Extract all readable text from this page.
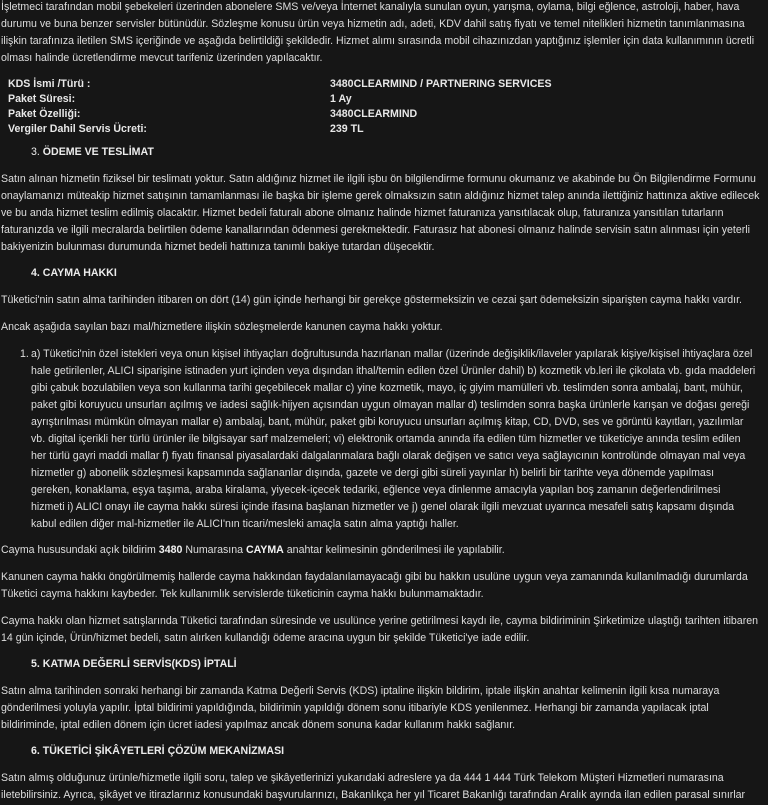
İşletmeci tarafından mobil şebekeleri üzerinden abonelere SMS ve/veya İnternet kanalıyla sunulan oyun, yarışma, oylama, bilgi eğlence, astroloji, haber, hava durumu ve buna benzer servisler bütünüdür. Sözleşme konusu ürün veya hizmetin adı, adeti, KDV dahil satış fiyatı ve temel nitelikleri hizmetin tanımlanmasına ilişkin tarafınıza iletilen SMS içeriğinde ve aşağıda belirtildiği şekildedir. Hizmet alımı sırasında mobil cihazınızdan yaptığınız işlemler için data kullanımının ücretli olması halinde ücretlendirme mevcut tarifeniz üzerinden yapılacaktır.

KDS İsmi /Türü :	3480CLEARMIND / PARTNERING SERVICES
Paket Süresi:	1 Ay
Paket Özelliği:	3480CLEARMIND
Vergiler Dahil Servis Ücreti:	239 TL
3. ÖDEME VE TESLİMAT

Satın alınan hizmetin fiziksel bir teslimatı yoktur. Satın aldığınız hizmet ile ilgili işbu ön bilgilendirme formunu okumanız ve akabinde bu Ön Bilgilendirme Formunu onaylamanızı müteakip hizmet satışının tamamlanması ile başka bir işleme gerek olmaksızın satın aldığınız hizmet talep anında ilettiğiniz hattınıza aktive edilecek ve bu anda hizmet teslim edilmiş olacaktır. Hizmet bedeli faturalı abone olmanız halinde hizmet faturanıza yansıtılacak olup, faturanıza yansıtılan tutarların faturanızda ve ilgili mecralarda belirtilen ödeme kanallarından ödenmesi gerekmektedir. Faturasız hat abonesi olmanız halinde servisin satın alınması için yeterli bakiyenizin bulunması durumunda hizmet bedeli hattınıza tanımlı bakiye tutardan düşecektir.

4. CAYMA HAKKI

Tüketici'nin satın alma tarihinden itibaren on dört (14) gün içinde herhangi bir gerekçe göstermeksizin ve cezai şart ödemeksizin siparişten cayma hakkı vardır.

Ancak aşağıda sayılan bazı mal/hizmetlere ilişkin sözleşmelerde kanunen cayma hakkı yoktur.

1. a) Tüketici'nin özel istekleri veya onun kişisel ihtiyaçları doğrultusunda hazırlanan mallar (üzerinde değişiklik/ilaveler yapılarak kişiye/kişisel ihtiyaçlara özel hale getirilenler, ALICI siparişine istinaden yurt içinden veya dışından ithal/temin edilen özel Ürünler dahil) b) kozmetik vb.leri ile çikolata vb. gıda maddeleri gibi çabuk bozulabilen veya son kullanma tarihi geçebilecek mallar c) yine kozmetik, mayo, iç giyim mamülleri vb. teslimden sonra ambalaj, bant, mühür, paket gibi koruyucu unsurları açılmış ve iadesi sağlık-hijyen açısından uygun olmayan mallar d) teslimden sonra başka ürünlerle karışan ve doğası gereği ayrıştırılması mümkün olmayan mallar e) ambalaj, bant, mühür, paket gibi koruyucu unsurları açılmış kitap, CD, DVD, ses ve görüntü kayıtları, yazılımlar vb. digital içerikli her türlü ürünler ile bilgisayar sarf malzemeleri; vi) elektronik ortamda anında ifa edilen tüm hizmetler ve tüketiciye anında teslim edilen her türlü gayri maddi mallar f) fiyatı finansal piyasalardaki dalgalanmalara bağlı olarak değişen ve satıcı veya sağlayıcının kontrolünde olmayan mal veya hizmetler g) abonelik sözleşmesi kapsamında sağlananlar dışında, gazete ve dergi gibi süreli yayınlar h) belirli bir tarihte veya dönemde yapılması gereken, konaklama, eşya taşıma, araba kiralama, yiyecek-içecek tedariki, eğlence veya dinlenme amacıyla yapılan boş zamanın değerlendirilmesi hizmeti i) ALICI onayı ile cayma hakkı süresi içinde ifasına başlanan hizmetler ve j) genel olarak ilgili mevzuat uyarınca mesafeli satış kapsamı dışında kabul edilen diğer mal-hizmetler ile ALICI'nın ticari/mesleki amaçla satın alma yaptığı haller.

Cayma hususundaki açık bildirim 3480 Numarasına CAYMA anahtar kelimesinin gönderilmesi ile yapılabilir.

Kanunen cayma hakkı öngörülmemiş hallerde cayma hakkından faydalanılamayacağı gibi bu hakkın usulüne uygun veya zamanında kullanılmadığı durumlarda Tüketici cayma hakkını kaybeder. Tek kullanımlık servislerde tüketicinin cayma hakkı bulunmamaktadır.

Cayma hakkı olan hizmet satışlarında Tüketici tarafından süresinde ve usulünce yerine getirilmesi kaydı ile, cayma bildiriminin Şirketimize ulaştığı tarihten itibaren 14 gün içinde, Ürün/hizmet bedeli, satın alırken kullandığı ödeme aracına uygun bir şekilde Tüketici'ye iade edilir.

5. KATMA DEĞERLİ SERVİS(KDS) İPTALİ

Satın alma tarihinden sonraki herhangi bir zamanda Katma Değerli Servis (KDS) iptaline ilişkin bildirim, iptale ilişkin anahtar kelimenin ilgili kısa numaraya gönderilmesi yoluyla yapılır. İptal bildirimi yapıldığında, bildirimin yapıldığı dönem sonu itibariyle KDS yenilenmez. Herhangi bir zamanda yapılacak iptal bildiriminde, iptal edilen dönem için ücret iadesi yapılmaz ancak dönem sonuna kadar kullanım hakkı sağlanır.

6. TÜKETİCİ ŞİKÂYETLERİ ÇÖZÜM MEKANİZMASI

Satın almış olduğunuz ürünle/hizmetle ilgili soru, talep ve şikâyetlerinizi yukarıdaki adreslere ya da 444 1 444 Türk Telekom Müşteri Hizmetleri numarasına iletebilirsiniz. Ayrıca, şikâyet ve itirazlarınız konusundaki başvurularınızı, Bakanlıkça her yıl Ticaret Bakanlığı tarafından Aralık ayında ilan edilen parasal sınırlar
